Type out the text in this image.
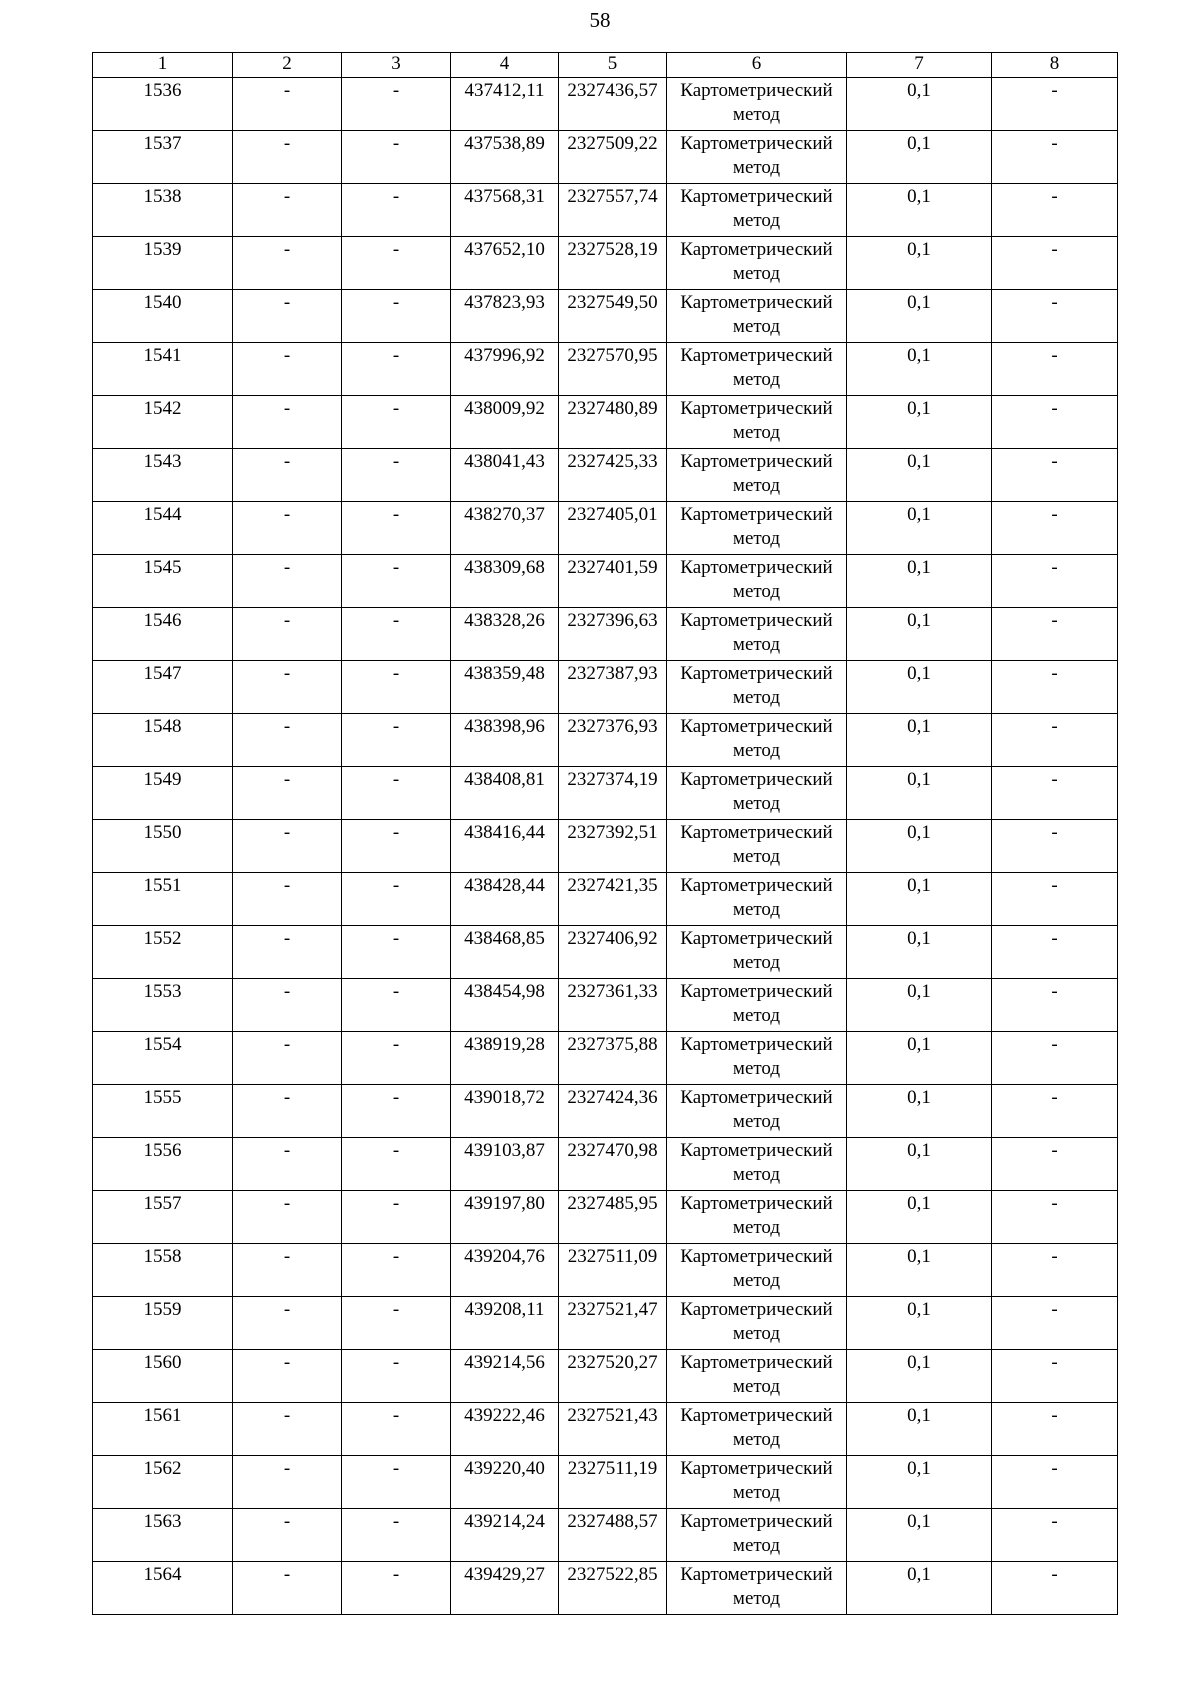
58
1	2	3	4	5	6	7	8
1536	-	-	437412,11	2327436,57	Картометрический метод	0,1	-
1537	-	-	437538,89	2327509,22	Картометрический метод	0,1	-
1538	-	-	437568,31	2327557,74	Картометрический метод	0,1	-
1539	-	-	437652,10	2327528,19	Картометрический метод	0,1	-
1540	-	-	437823,93	2327549,50	Картометрический метод	0,1	-
1541	-	-	437996,92	2327570,95	Картометрический метод	0,1	-
1542	-	-	438009,92	2327480,89	Картометрический метод	0,1	-
1543	-	-	438041,43	2327425,33	Картометрический метод	0,1	-
1544	-	-	438270,37	2327405,01	Картометрический метод	0,1	-
1545	-	-	438309,68	2327401,59	Картометрический метод	0,1	-
1546	-	-	438328,26	2327396,63	Картометрический метод	0,1	-
1547	-	-	438359,48	2327387,93	Картометрический метод	0,1	-
1548	-	-	438398,96	2327376,93	Картометрический метод	0,1	-
1549	-	-	438408,81	2327374,19	Картометрический метод	0,1	-
1550	-	-	438416,44	2327392,51	Картометрический метод	0,1	-
1551	-	-	438428,44	2327421,35	Картометрический метод	0,1	-
1552	-	-	438468,85	2327406,92	Картометрический метод	0,1	-
1553	-	-	438454,98	2327361,33	Картометрический метод	0,1	-
1554	-	-	438919,28	2327375,88	Картометрический метод	0,1	-
1555	-	-	439018,72	2327424,36	Картометрический метод	0,1	-
1556	-	-	439103,87	2327470,98	Картометрический метод	0,1	-
1557	-	-	439197,80	2327485,95	Картометрический метод	0,1	-
1558	-	-	439204,76	2327511,09	Картометрический метод	0,1	-
1559	-	-	439208,11	2327521,47	Картометрический метод	0,1	-
1560	-	-	439214,56	2327520,27	Картометрический метод	0,1	-
1561	-	-	439222,46	2327521,43	Картометрический метод	0,1	-
1562	-	-	439220,40	2327511,19	Картометрический метод	0,1	-
1563	-	-	439214,24	2327488,57	Картометрический метод	0,1	-
1564	-	-	439429,27	2327522,85	Картометрический метод	0,1	-
